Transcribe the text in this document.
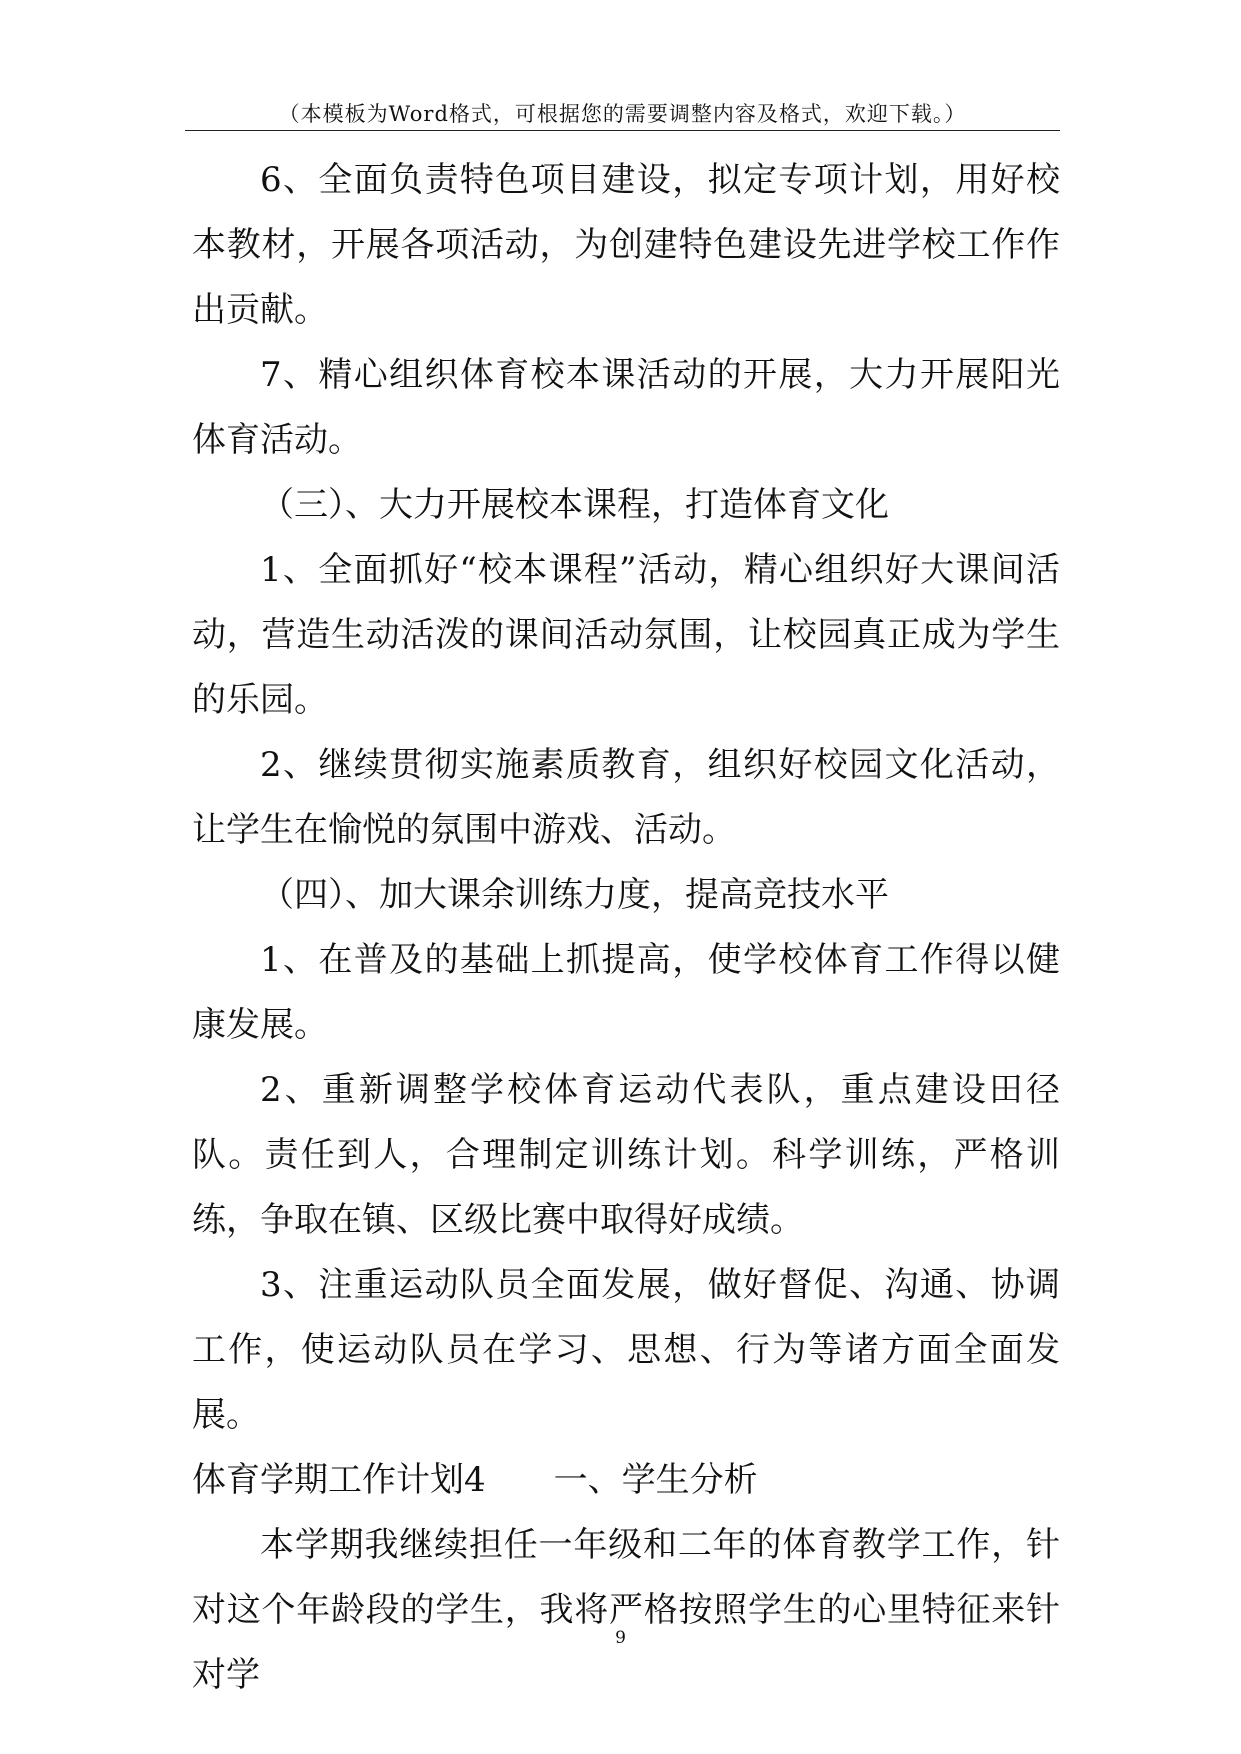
（本模板为Word格式，可根据您的需要调整内容及格式，欢迎下载。）

6、全面负责特色项目建设，拟定专项计划，用好校本教材，开展各项活动，为创建特色建设先进学校工作作出贡献。

7、精心组织体育校本课活动的开展，大力开展阳光体育活动。

（三）、大力开展校本课程，打造体育文化

1、全面抓好“校本课程”活动，精心组织好大课间活动，营造生动活泼的课间活动氛围，让校园真正成为学生的乐园。

2、继续贯彻实施素质教育，组织好校园文化活动，让学生在愉悦的氛围中游戏、活动。

（四）、加大课余训练力度，提高竞技水平

1、在普及的基础上抓提高，使学校体育工作得以健康发展。

2、重新调整学校体育运动代表队，重点建设田径队。责任到人，合理制定训练计划。科学训练，严格训练，争取在镇、区级比赛中取得好成绩。

3、注重运动队员全面发展，做好督促、沟通、协调工作，使运动队员在学习、思想、行为等诸方面全面发展。

体育学期工作计划4　　一、学生分析

本学期我继续担任一年级和二年的体育教学工作，针对这个年龄段的学生，我将严格按照学生的心里特征来针对学

9
